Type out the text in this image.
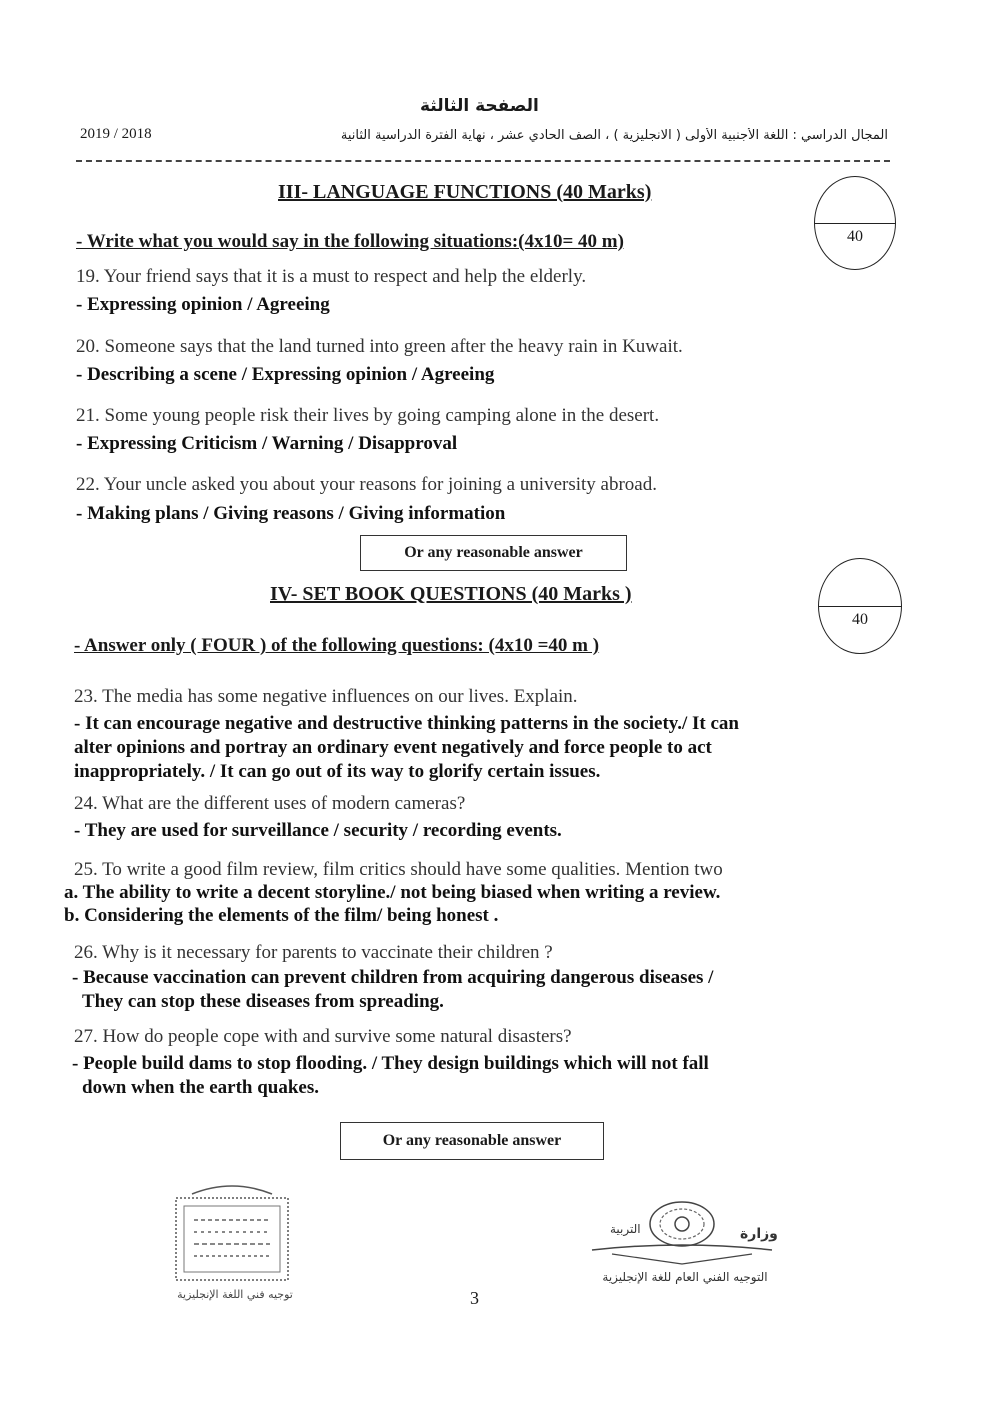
الصفحة الثالثة
المجال الدراسي : اللغة الأجنبية الأولى ( الانجليزية ) ، الصف الحادي عشر ، نهاية الفترة الدراسية الثانية
2019 / 2018
III- LANGUAGE FUNCTIONS (40 Marks)
40
- Write what you would say in the following situations:(4x10= 40 m)
19. Your friend says that it is a must to respect and help the elderly.
- Expressing opinion / Agreeing
20. Someone says that the land turned into green after the heavy rain in Kuwait.
- Describing a scene / Expressing opinion / Agreeing
21. Some young people risk their lives by going camping alone in the desert.
- Expressing Criticism / Warning / Disapproval
22. Your uncle asked you about your reasons for joining a university abroad.
- Making plans / Giving reasons / Giving information
Or any reasonable answer
IV- SET BOOK QUESTIONS (40 Marks )
40
- Answer only ( FOUR ) of the following questions: (4x10 =40 m )
23. The media has some negative influences on our lives. Explain.
- It can encourage negative and destructive thinking patterns in the society./ It can
alter opinions and portray an ordinary event negatively and force people to act
inappropriately. / It can go out of its way to glorify certain issues.
24. What are the different uses of modern cameras?
- They are used for surveillance / security / recording events.
25. To write a good film review, film critics should have some qualities. Mention two
a. The ability to write a decent storyline./ not being biased when writing a review.
b. Considering the elements of the film/ being honest .
26. Why is it necessary for parents to vaccinate their children ?
- Because vaccination can prevent children from acquiring dangerous diseases /
They can stop these diseases from spreading.
27. How do people cope with and survive some natural disasters?
- People build dams to stop flooding. / They design buildings which will not fall
down when the earth quakes.
Or any reasonable answer
توجيه فني اللغة الإنجليزية
التربية	وزارة
التوجيه الفني العام للغة الإنجليزية
3
